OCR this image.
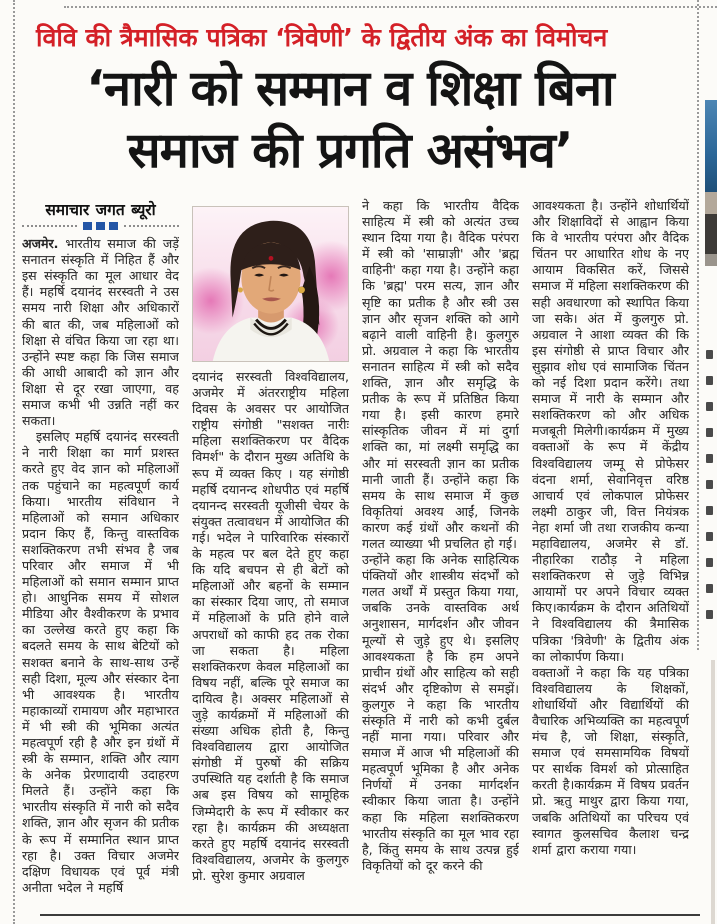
विवि की त्रैमासिक पत्रिका ‘त्रिवेणी’ के द्वितीय अंक का विमोचन
‘नारी को सम्मान व शिक्षा बिना
समाज की प्रगति असंभव’
समाचार जगत ब्यूरो

अजमेर. भारतीय समाज की जड़ें सनातन संस्कृति में निहित हैं और इस संस्कृति का मूल आधार वेद हैं। महर्षि दयानंद सरस्वती ने उस समय नारी शिक्षा और अधिकारों की बात की, जब महिलाओं को शिक्षा से वंचित किया जा रहा था। उन्होंने स्पष्ट कहा कि जिस समाज की आधी आबादी को ज्ञान और शिक्षा से दूर रखा जाएगा, वह समाज कभी भी उन्नति नहीं कर सकता।

इसलिए महर्षि दयानंद सरस्वती ने नारी शिक्षा का मार्ग प्रशस्त करते हुए वेद ज्ञान को महिलाओं तक पहुंचाने का महत्वपूर्ण कार्य किया। भारतीय संविधान ने महिलाओं को समान अधिकार प्रदान किए हैं, किन्तु वास्तविक सशक्तिकरण तभी संभव है जब परिवार और समाज में भी महिलाओं को समान सम्मान प्राप्त हो। आधुनिक समय में सोशल मीडिया और वैश्वीकरण के प्रभाव का उल्लेख करते हुए कहा कि बदलते समय के साथ बेटियों को सशक्त बनाने के साथ-साथ उन्हें सही दिशा, मूल्य और संस्कार देना भी आवश्यक है। भारतीय महाकाव्यों रामायण और महाभारत में भी स्त्री की भूमिका अत्यंत महत्वपूर्ण रही है और इन ग्रंथों में स्त्री के सम्मान, शक्ति और त्याग के अनेक प्रेरणादायी उदाहरण मिलते हैं। उन्होंने कहा कि भारतीय संस्कृति में नारी को सदैव शक्ति, ज्ञान और सृजन की प्रतीक के रूप में सम्मानित स्थान प्राप्त रहा है। उक्त विचार अजमेर दक्षिण विधायक एवं पूर्व मंत्री अनीता भदेल ने महर्षि

दयानंद सरस्वती विश्वविद्यालय, अजमेर में अंतरराष्ट्रीय महिला दिवस के अवसर पर आयोजित राष्ट्रीय संगोष्ठी "सशक्त नारीः महिला सशक्तिकरण पर वैदिक विमर्श" के दौरान मुख्य अतिथि के रूप में व्यक्त किए । यह संगोष्ठी महर्षि दयानन्द शोधपीठ एवं महर्षि दयानन्द सरस्वती यूजीसी चेयर के संयुक्त तत्वावधन में आयोजित की गई। भदेल ने पारिवारिक संस्कारों के महत्व पर बल देते हुए कहा कि यदि बचपन से ही बेटों को महिलाओं और बहनों के सम्मान का संस्कार दिया जाए, तो समाज में महिलाओं के प्रति होने वाले अपराधों को काफी हद तक रोका जा सकता है। महिला सशक्तिकरण केवल महिलाओं का विषय नहीं, बल्कि पूरे समाज का दायित्व है। अक्सर महिलाओं से जुड़े कार्यक्रमों में महिलाओं की संख्या अधिक होती है, किन्तु विश्वविद्यालय द्वारा आयोजित संगोष्ठी में पुरुषों की सक्रिय उपस्थिति यह दर्शाती है कि समाज अब इस विषय को सामूहिक जिम्मेदारी के रूप में स्वीकार कर रहा है। कार्यक्रम की अध्यक्षता करते हुए महर्षि दयानंद सरस्वती विश्वविद्यालय, अजमेर के कुलगुरु प्रो. सुरेश कुमार अग्रवाल

ने कहा कि भारतीय वैदिक साहित्य में स्त्री को अत्यंत उच्च स्थान दिया गया है। वैदिक परंपरा में स्त्री को 'साम्राज्ञी' और 'ब्रह्म वाहिनी' कहा गया है। उन्होंने कहा कि 'ब्रह्म' परम सत्य, ज्ञान और सृष्टि का प्रतीक है और स्त्री उस ज्ञान और सृजन शक्ति को आगे बढ़ाने वाली वाहिनी है। कुलगुरु प्रो. अग्रवाल ने कहा कि भारतीय सनातन साहित्य में स्त्री को सदैव शक्ति, ज्ञान और समृद्धि के प्रतीक के रूप में प्रतिष्ठित किया गया है। इसी कारण हमारे सांस्कृतिक जीवन में मां दुर्गा शक्ति का, मां लक्ष्मी समृद्धि का और मां सरस्वती ज्ञान का प्रतीक मानी जाती हैं। उन्होंने कहा कि समय के साथ समाज में कुछ विकृतियां अवश्य आईं, जिनके कारण कई ग्रंथों और कथनों की गलत व्याख्या भी प्रचलित हो गई।

उन्होंने कहा कि अनेक साहित्यिक पंक्तियों और शास्त्रीय संदर्भों को गलत अर्थों में प्रस्तुत किया गया, जबकि उनके वास्तविक अर्थ अनुशासन, मार्गदर्शन और जीवन मूल्यों से जुड़े हुए थे। इसलिए आवश्यकता है कि हम अपने प्राचीन ग्रंथों और साहित्य को सही संदर्भ और दृष्टिकोण से समझें। कुलगुरु ने कहा कि भारतीय संस्कृति में नारी को कभी दुर्बल नहीं माना गया। परिवार और समाज में आज भी महिलाओं की महत्वपूर्ण भूमिका है और अनेक निर्णयों में उनका मार्गदर्शन स्वीकार किया जाता है। उन्होंने कहा कि महिला सशक्तिकरण भारतीय संस्कृति का मूल भाव रहा है, किंतु समय के साथ उत्पन्न हुई विकृतियों को दूर करने की

आवश्यकता है। उन्होंने शोधार्थियों और शिक्षाविदों से आह्वान किया कि वे भारतीय परंपरा और वैदिक चिंतन पर आधारित शोध के नए आयाम विकसित करें, जिससे समाज में महिला सशक्तिकरण की सही अवधारणा को स्थापित किया जा सके। अंत में कुलगुरु प्रो. अग्रवाल ने आशा व्यक्त की कि इस संगोष्ठी से प्राप्त विचार और सुझाव शोध एवं सामाजिक चिंतन को नई दिशा प्रदान करेंगे। तथा समाज में नारी के सम्मान और सशक्तिकरण को और अधिक मजबूती मिलेगी।कार्यक्रम में मुख्य वक्ताओं के रूप में केंद्रीय विश्वविद्यालय जम्मू से प्रोफेसर वंदना शर्मा, सेवानिवृत्त वरिष्ठ आचार्य एवं लोकपाल प्रोफेसर लक्ष्मी ठाकुर जी, वित्त नियंत्रक नेहा शर्मा जी तथा राजकीय कन्या महाविद्यालय, अजमेर से डॉ. नीहारिका राठौड़ ने महिला सशक्तिकरण से जुड़े विभिन्न आयामों पर अपने विचार व्यक्त किए।कार्यक्रम के दौरान अतिथियों ने विश्वविद्यालय की त्रैमासिक पत्रिका 'त्रिवेणी' के द्वितीय अंक का लोकार्पण किया।

वक्ताओं ने कहा कि यह पत्रिका विश्वविद्यालय के शिक्षकों, शोधार्थियों और विद्यार्थियों की वैचारिक अभिव्यक्ति का महत्वपूर्ण मंच है, जो शिक्षा, संस्कृति, समाज एवं समसामयिक विषयों पर सार्थक विमर्श को प्रोत्साहित करती है।कार्यक्रम में विषय प्रवर्तन प्रो. ऋतु माथुर द्वारा किया गया, जबकि अतिथियों का परिचय एवं स्वागत कुलसचिव कैलाश चन्द्र शर्मा द्वारा कराया गया।
